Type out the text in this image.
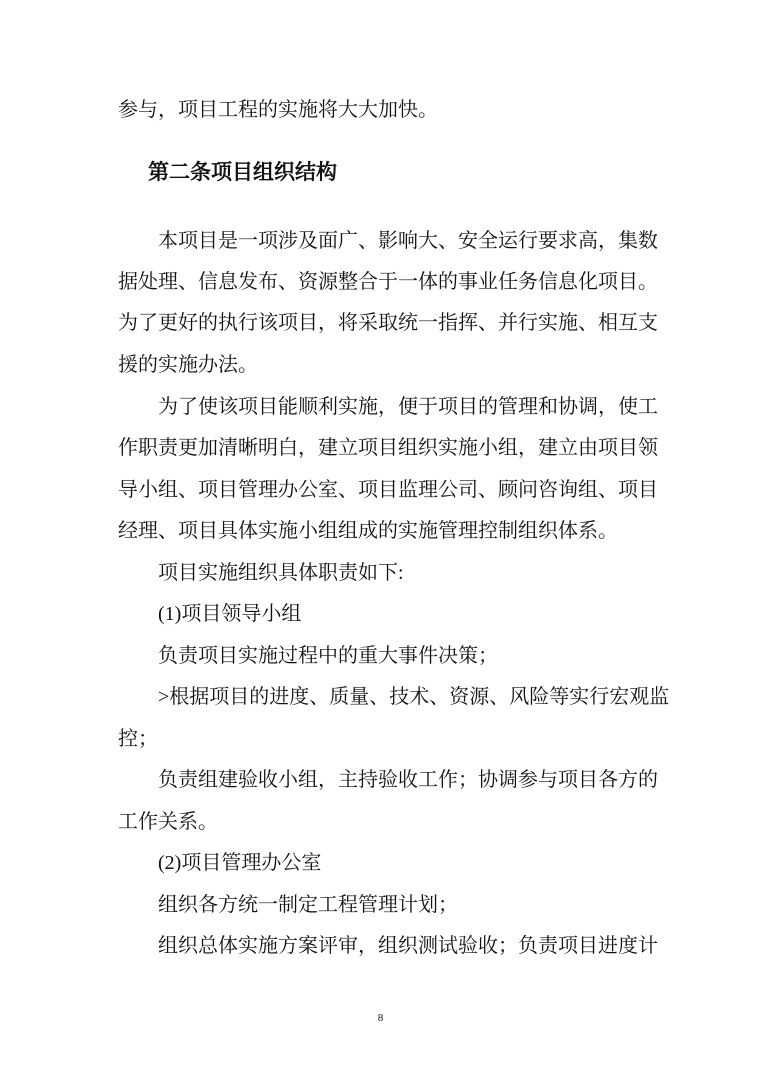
参与，项目工程的实施将大大加快。
第二条项目组织结构
本项目是一项涉及面广、影响大、安全运行要求高，集数
据处理、信息发布、资源整合于一体的事业任务信息化项目。
为了更好的执行该项目，将采取统一指挥、并行实施、相互支
援的实施办法。
为了使该项目能顺利实施，便于项目的管理和协调，使工
作职责更加清晰明白，建立项目组织实施小组，建立由项目领
导小组、项目管理办公室、项目监理公司、顾问咨询组、项目
经理、项目具体实施小组组成的实施管理控制组织体系。
项目实施组织具体职责如下:
(1)项目领导小组
负责项目实施过程中的重大事件决策；
>根据项目的进度、质量、技术、资源、风险等实行宏观监
控；
负责组建验收小组，主持验收工作；协调参与项目各方的
工作关系。
(2)项目管理办公室
组织各方统一制定工程管理计划；
组织总体实施方案评审，组织测试验收；负责项目进度计
8
